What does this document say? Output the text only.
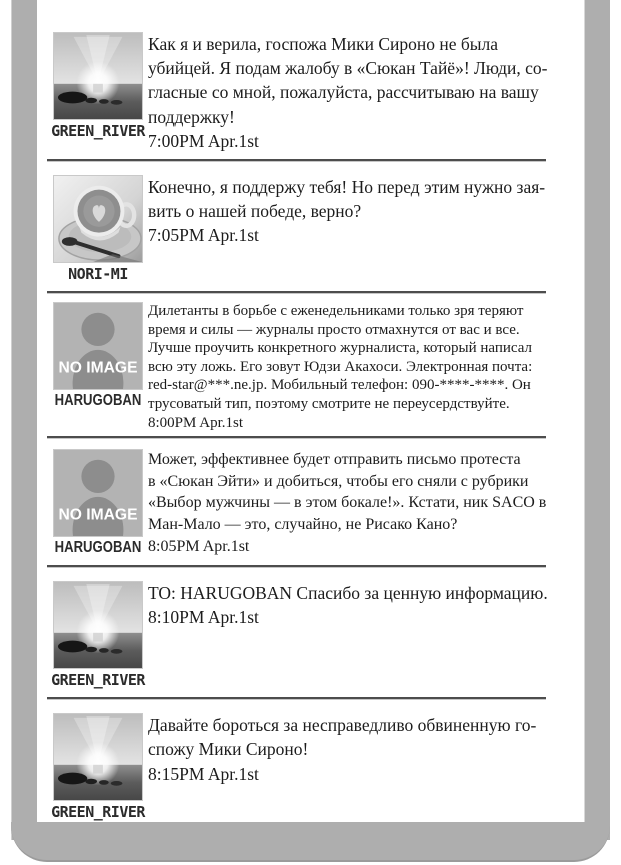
GREEN_RIVER
Как я и верила, госпожа Мики Сироно не была
убийцей. Я подам жалобу в «Сюкан Тайё»! Люди, со-
гласные со мной, пожалуйста, рассчитываю на вашу
поддержку!
7:00PM Apr.1st
NORI-MI
Конечно, я поддержу тебя! Но перед этим нужно зая-
вить о нашей победе, верно?
7:05PM Apr.1st
NO IMAGE
HARUGOBAN
Дилетанты в борьбе с еженедельниками только зря теряют
время и силы — журналы просто отмахнутся от вас и все.
Лучше проучить конкретного журналиста, который написал
всю эту ложь. Его зовут Юдзи Акахоси. Электронная почта:
red-star@***.ne.jp. Мобильный телефон: 090-****-****. Он
трусоватый тип, поэтому смотрите не переусердствуйте.
8:00PM Apr.1st
NO IMAGE
HARUGOBAN
Может, эффективнее будет отправить письмо протеста
в «Сюкан Эйти» и добиться, чтобы его сняли с рубрики
«Выбор мужчины — в этом бокале!». Кстати, ник SACO в
Ман-Мало — это, случайно, не Рисако Кано?
8:05PM Apr.1st
GREEN_RIVER
TO: HARUGOBAN Спасибо за ценную информацию.
8:10PM Apr.1st
GREEN_RIVER
Давайте бороться за несправедливо обвиненную го-
спожу Мики Сироно!
8:15PM Apr.1st
